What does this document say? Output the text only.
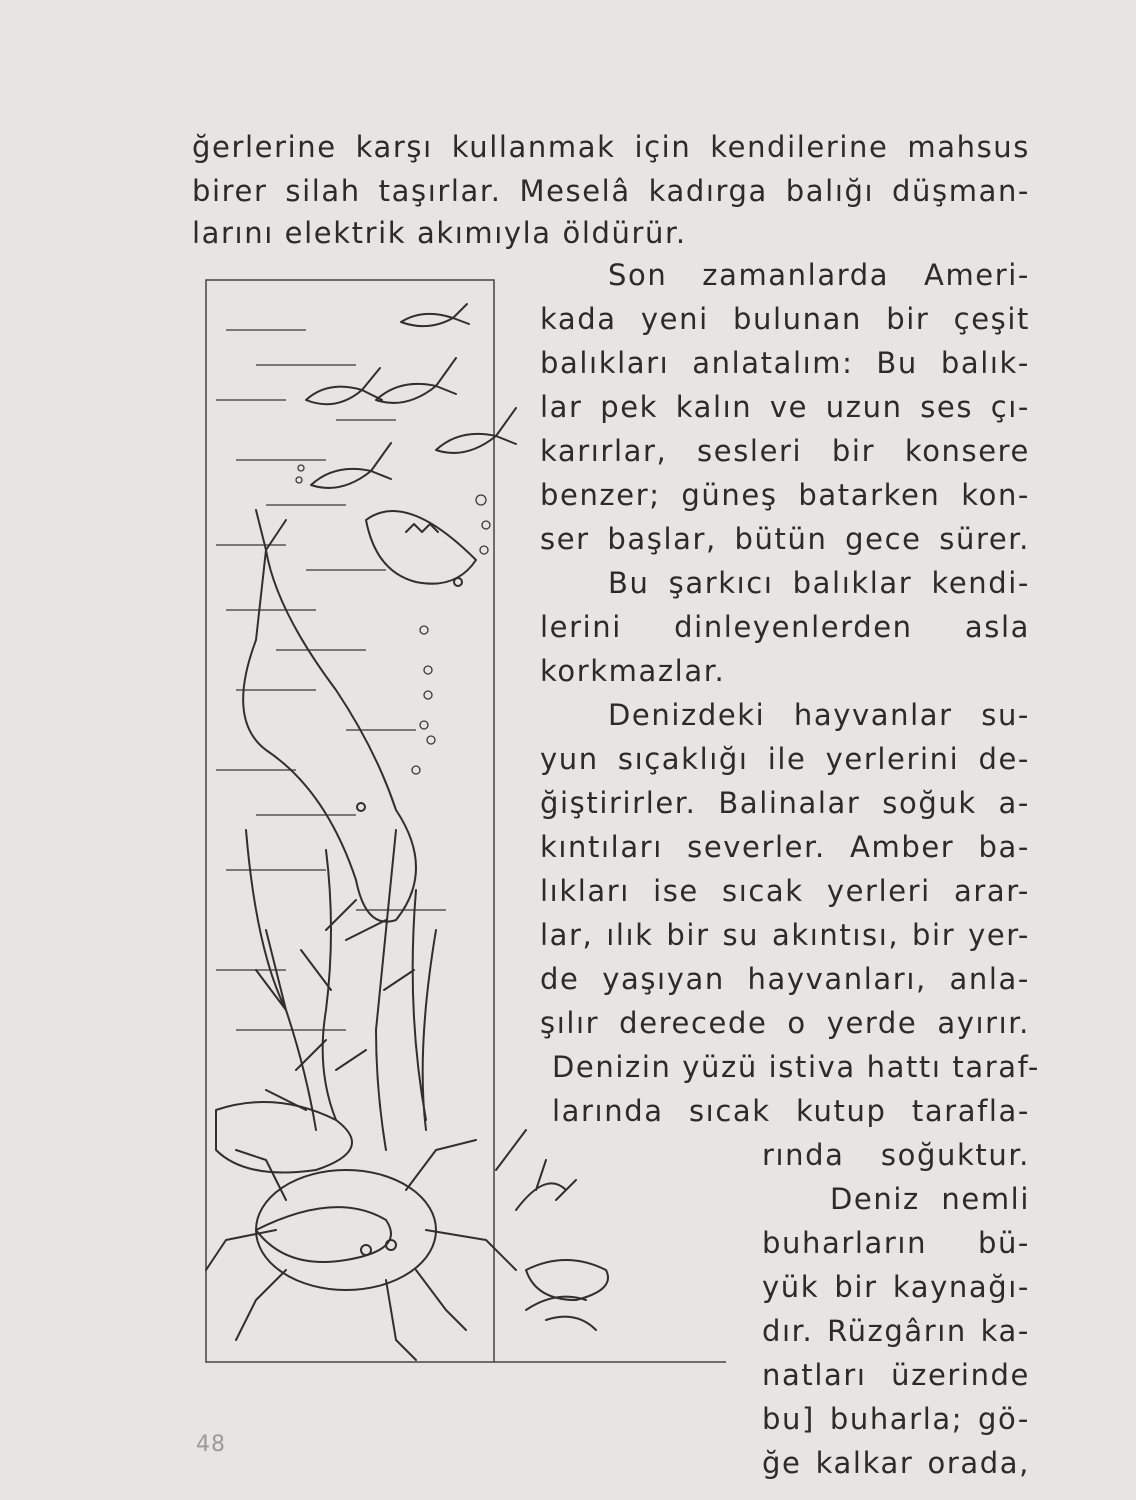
ğerlerine karşı kullanmak için kendilerine mahsus
birer silah taşırlar. Meselâ kadırga balığı düşman-
larını elektrik akımıyla öldürür.
Son zamanlarda Ameri-
kada yeni bulunan bir çeşit
balıkları anlatalım: Bu balık-
lar pek kalın ve uzun ses çı-
karırlar, sesleri bir konsere
benzer; güneş batarken kon-
ser başlar, bütün gece sürer.
Bu şarkıcı balıklar kendi-
lerini dinleyenlerden asla
korkmazlar.
Denizdeki hayvanlar su-
yun sıçaklığı ile yerlerini de-
ğiştirirler. Balinalar soğuk a-
kıntıları severler. Amber ba-
lıkları ise sıcak yerleri arar-
lar, ılık bir su akıntısı, bir yer-
de yaşıyan hayvanları, anla-
şılır derecede o yerde ayırır.
Denizin yüzü istiva hattı taraf-
larında sıcak kutup tarafla-
rında soğuktur.
Deniz nemli
buharların bü-
yük bir kaynağı-
dır. Rüzgârın ka-
natları üzerinde
bu] buharla; gö-
ğe kalkar orada,
48
